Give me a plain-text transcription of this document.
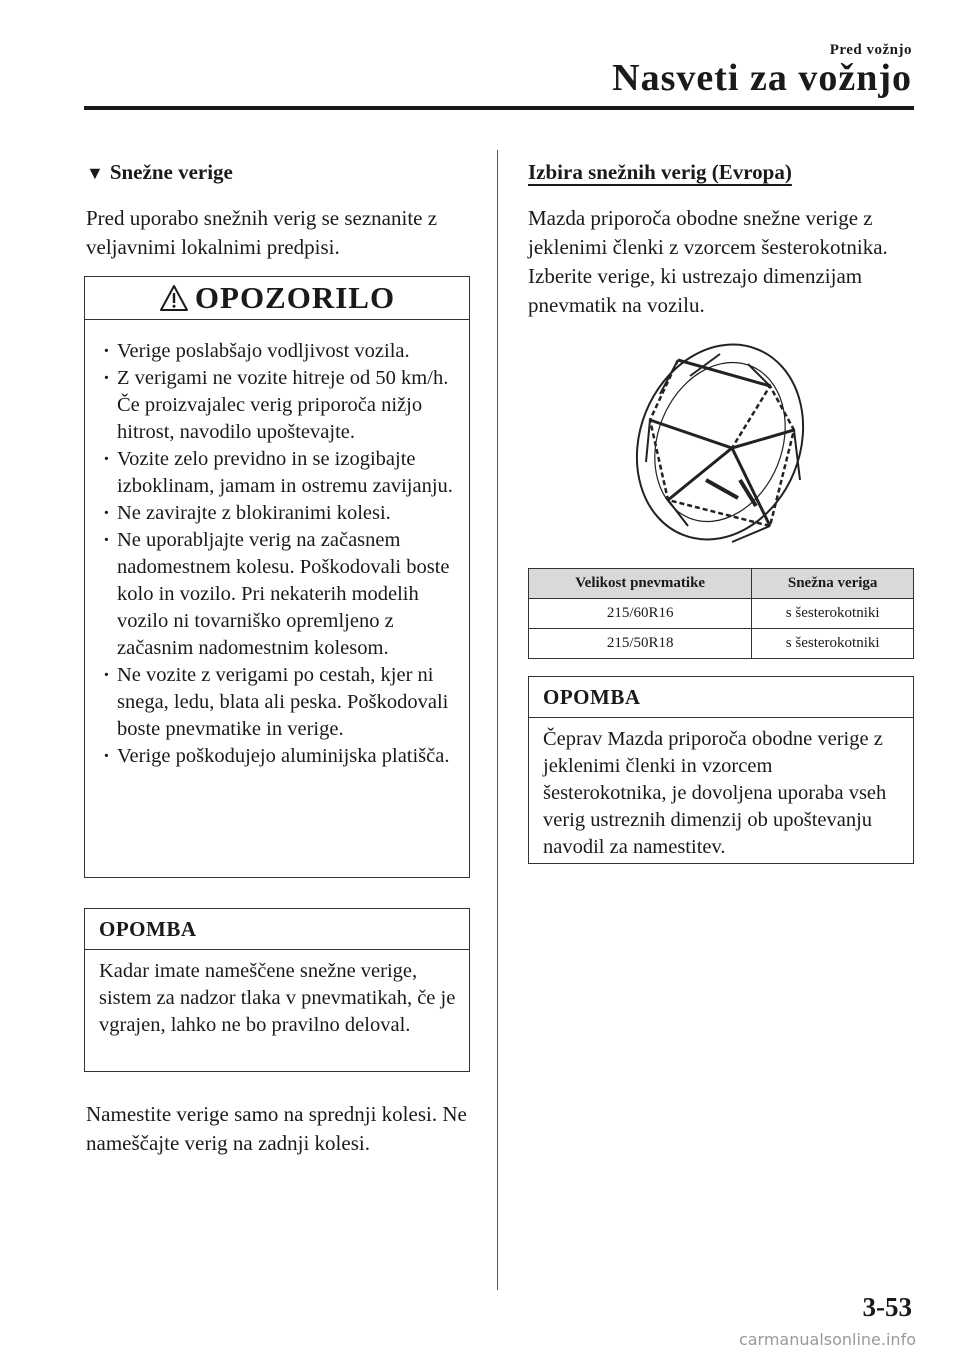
Pred vožnjo
Nasveti za vožnjo
▼ Snežne verige
Pred uporabo snežnih verig se seznanite z veljavnimi lokalnimi predpisi.
OPOZORILO
· Verige poslabšajo vodljivost vozila.
· Z verigami ne vozite hitreje od 50 km/h. Če proizvajalec verig priporoča nižjo hitrost, navodilo upoštevajte.
· Vozite zelo previdno in se izogibajte izboklinam, jamam in ostremu zavijanju.
· Ne zavirajte z blokiranimi kolesi.
· Ne uporabljajte verig na začasnem nadomestnem kolesu. Poškodovali boste kolo in vozilo. Pri nekaterih modelih vozilo ni tovarniško opremljeno z začasnim nadomestnim kolesom.
· Ne vozite z verigami po cestah, kjer ni snega, ledu, blata ali peska. Poškodovali boste pnevmatike in verige.
· Verige poškodujejo aluminijska platišča.
OPOMBA
Kadar imate nameščene snežne verige, sistem za nadzor tlaka v pnevmatikah, če je vgrajen, lahko ne bo pravilno deloval.
Namestite verige samo na sprednji kolesi. Ne nameščajte verig na zadnji kolesi.
Izbira snežnih verig (Evropa)
Mazda priporoča obodne snežne verige z jeklenimi členki z vzorcem šesterokotnika. Izberite verige, ki ustrezajo dimenzijam pnevmatik na vozilu.
Velikost pnevmatike	Snežna veriga
215/60R16	s šesterokotniki
215/50R18	s šesterokotniki
OPOMBA
Čeprav Mazda priporoča obodne verige z jeklenimi členki in vzorcem šesterokotnika, je dovoljena uporaba vseh verig ustreznih dimenzij ob upoštevanju navodil za namestitev.
3-53
carmanualsonline.info
